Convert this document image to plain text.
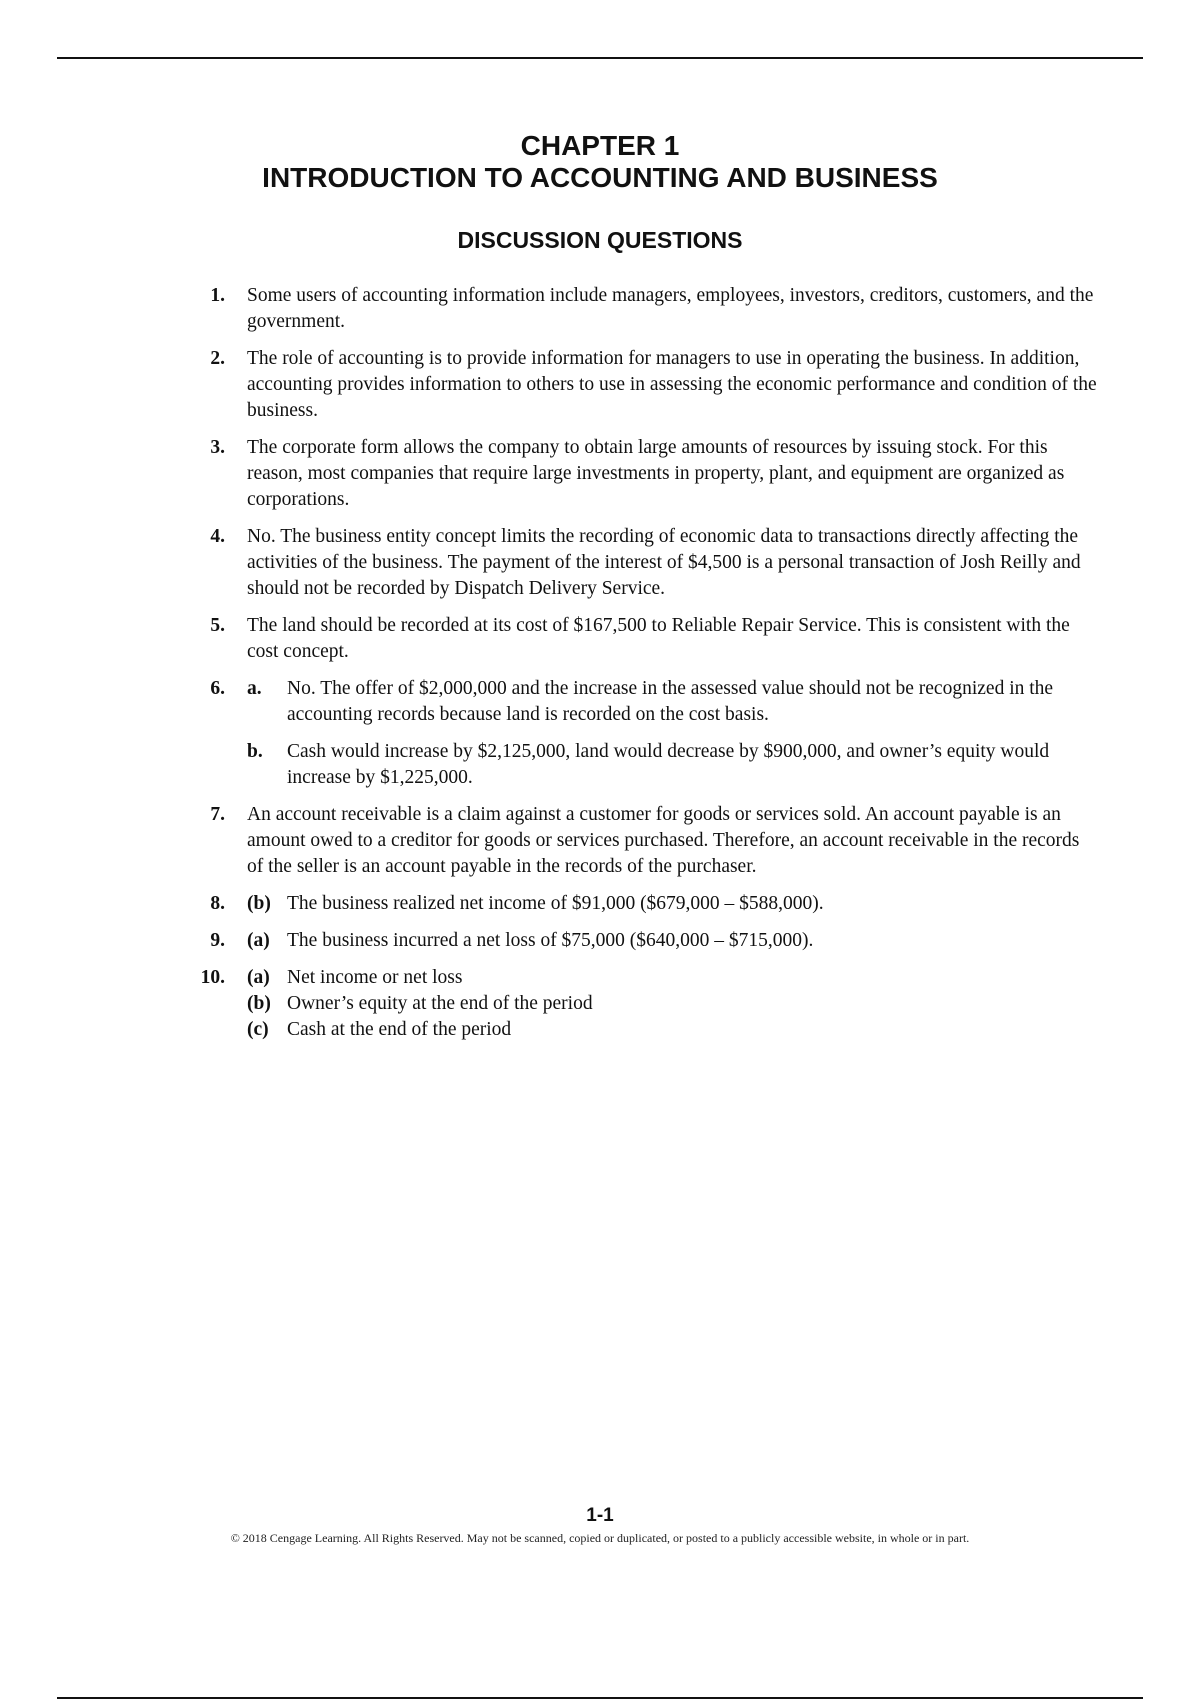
CHAPTER 1
INTRODUCTION TO ACCOUNTING AND BUSINESS
DISCUSSION QUESTIONS
1.	Some users of accounting information include managers, employees, investors, creditors, customers, and the government.
2.	The role of accounting is to provide information for managers to use in operating the business. In addition, accounting provides information to others to use in assessing the economic performance and condition of the business.
3.	The corporate form allows the company to obtain large amounts of resources by issuing stock. For this reason, most companies that require large investments in property, plant, and equipment are organized as corporations.
4.	No. The business entity concept limits the recording of economic data to transactions directly affecting the activities of the business. The payment of the interest of $4,500 is a personal transaction of Josh Reilly and should not be recorded by Dispatch Delivery Service.
5.	The land should be recorded at its cost of $167,500 to Reliable Repair Service. This is consistent with the cost concept.
6.	a.	No. The offer of $2,000,000 and the increase in the assessed value should not be recognized in the accounting records because land is recorded on the cost basis.
b.	Cash would increase by $2,125,000, land would decrease by $900,000, and owner’s equity would increase by $1,225,000.
7.	An account receivable is a claim against a customer for goods or services sold. An account payable is an amount owed to a creditor for goods or services purchased. Therefore, an account receivable in the records of the seller is an account payable in the records of the purchaser.
8.	(b) The business realized net income of $91,000 ($679,000 – $588,000).
9.	(a) The business incurred a net loss of $75,000 ($640,000 – $715,000).
10.	(a) Net income or net loss
(b) Owner’s equity at the end of the period
(c) Cash at the end of the period
1-1
© 2018 Cengage Learning. All Rights Reserved. May not be scanned, copied or duplicated, or posted to a publicly accessible website, in whole or in part.
